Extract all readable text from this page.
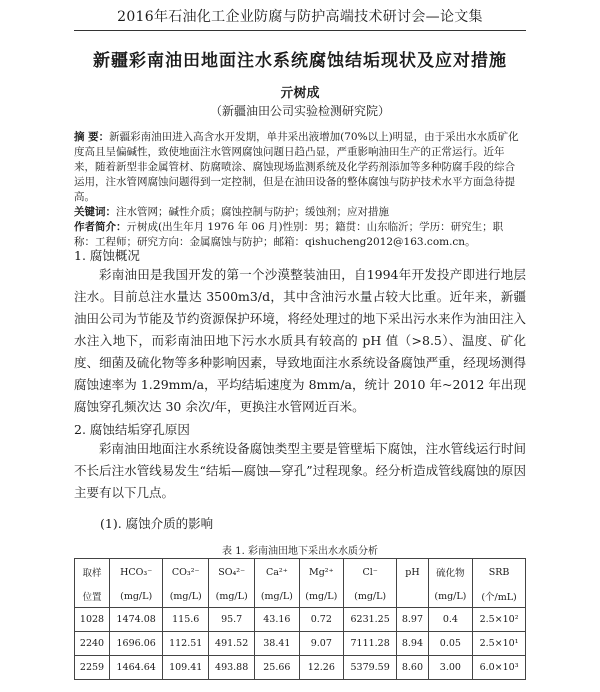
2016年石油化工企业防腐与防护高端技术研讨会—论文集
新疆彩南油田地面注水系统腐蚀结垢现状及应对措施
亓树成
（新疆油田公司实验检测研究院）

摘 要：新疆彩南油田进入高含水开发期，单井采出液增加(70%以上)明显，由于采出水水质矿化度高且呈偏碱性，致使地面注水管网腐蚀问题日趋凸显，严重影响油田生产的正常运行。近年来，随着新型非金属管材、防腐喷涂、腐蚀现场监测系统及化学药剂添加等多种防腐手段的综合运用，注水管网腐蚀问题得到一定控制，但是在油田设备的整体腐蚀与防护技术水平方面急待提高。

关键词：注水管网；碱性介质；腐蚀控制与防护；缓蚀剂；应对措施

作者简介：亓树成(出生年月 1976 年 06 月)性别：男；籍贯：山东临沂；学历：研究生；职称：工程师；研究方向：金属腐蚀与防护；邮箱：qishucheng2012@163.com.cn。

1. 腐蚀概况

彩南油田是我国开发的第一个沙漠整装油田，自1994年开发投产即进行地层注水。目前总注水量达 3500m3/d，其中含油污水量占较大比重。近年来，新疆油田公司为节能及节约资源保护环境，将经处理过的地下采出污水来作为油田注入水注入地下，而彩南油田地下污水水质具有较高的 pH 值（>8.5）、温度、矿化度、细菌及硫化物等多种影响因素，导致地面注水系统设备腐蚀严重，经现场测得腐蚀速率为 1.29mm/a，平均结垢速度为 8mm/a，统计 2010 年~2012 年出现腐蚀穿孔频次达 30 余次/年，更换注水管网近百米。

2. 腐蚀结垢穿孔原因

彩南油田地面注水系统设备腐蚀类型主要是管壁垢下腐蚀，注水管线运行时间不长后注水管线易发生“结垢—腐蚀—穿孔”过程现象。经分析造成管线腐蚀的原因主要有以下几点。

(1). 腐蚀介质的影响
表 1. 彩南油田地下采出水水质分析
取样	HCO₃⁻	CO₃²⁻	SO₄²⁻	Ca²⁺	Mg²⁺	Cl⁻	pH	硫化物	SRB
位置	(mg/L)	(mg/L)	(mg/L)	(mg/L)	(mg/L)	(mg/L)		(mg/L)	(个/mL)
1028	1474.08	115.6	95.7	43.16	0.72	6231.25	8.97	0.4	2.5×10²
2240	1696.06	112.51	491.52	38.41	9.07	7111.28	8.94	0.05	2.5×10¹
2259	1464.64	109.41	493.88	25.66	12.26	5379.59	8.60	3.00	6.0×10³
